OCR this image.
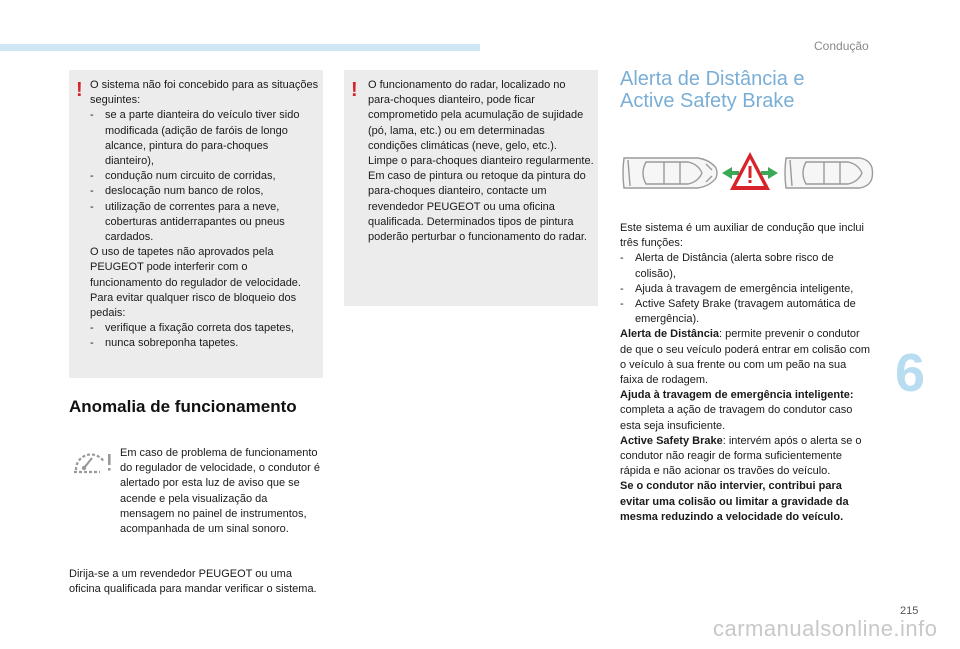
Condução
6
215
carmanualsonline.info
! O sistema não foi concebido para as situações seguintes:

- se a parte dianteira do veículo tiver sido modificada (adição de faróis de longo alcance, pintura do para-choques dianteiro),
- condução num circuito de corridas,
- deslocação num banco de rolos,
- utilização de correntes para a neve, coberturas antiderrapantes ou pneus cardados.

O uso de tapetes não aprovados pela PEUGEOT pode interferir com o funcionamento do regulador de velocidade.

Para evitar qualquer risco de bloqueio dos pedais:

- verifique a fixação correta dos tapetes,
- nunca sobreponha tapetes.
! O funcionamento do radar, localizado no para-choques dianteiro, pode ficar comprometido pela acumulação de sujidade (pó, lama, etc.) ou em determinadas condições climáticas (neve, gelo, etc.).

Limpe o para-choques dianteiro regularmente.

Em caso de pintura ou retoque da pintura do para-choques dianteiro, contacte um revendedor PEUGEOT ou uma oficina qualificada. Determinados tipos de pintura poderão perturbar o funcionamento do radar.

Anomalia de funcionamento
Em caso de problema de funcionamento do regulador de velocidade, o condutor é alertado por esta luz de aviso que se acende e pela visualização da mensagem no painel de instrumentos, acompanhada de um sinal sonoro.
Dirija-se a um revendedor PEUGEOT ou uma oficina qualificada para mandar verificar o sistema.
Alerta de Distância e
Active Safety Brake

Este sistema é um auxiliar de condução que inclui três funções:

- Alerta de Distância (alerta sobre risco de colisão),
- Ajuda à travagem de emergência inteligente,
- Active Safety Brake (travagem automática de emergência).

Alerta de Distância: permite prevenir o condutor de que o seu veículo poderá entrar em colisão com o veículo à sua frente ou com um peão na sua faixa de rodagem.

Ajuda à travagem de emergência inteligente: completa a ação de travagem do condutor caso esta seja insuficiente.

Active Safety Brake: intervém após o alerta se o condutor não reagir de forma suficientemente rápida e não acionar os travões do veículo.

Se o condutor não intervier, contribui para evitar uma colisão ou limitar a gravidade da mesma reduzindo a velocidade do veículo.
